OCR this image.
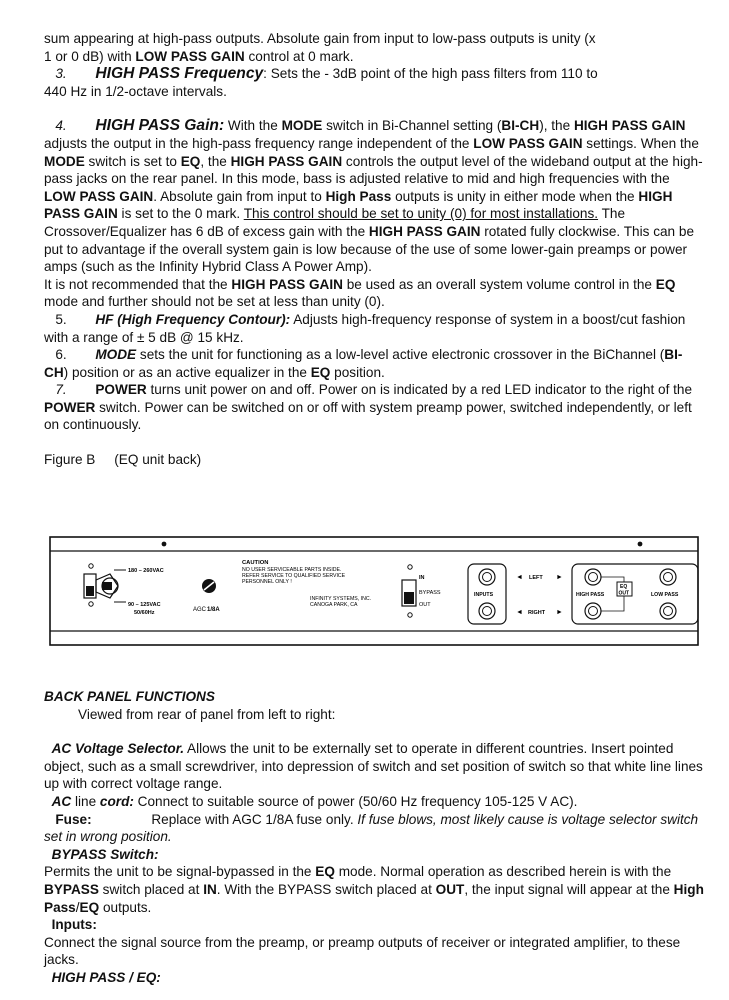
sum appearing at high-pass outputs. Absolute gain from input to low-pass outputs is unity (x
1 or 0 dB) with LOW PASS GAIN control at 0 mark.

3. HIGH PASS Frequency: Sets the - 3dB point of the high pass filters from 110 to
440 Hz in 1/2-octave intervals.

4. HIGH PASS Gain: With the MODE switch in Bi-Channel setting (BI-CH), the HIGH PASS GAIN adjusts the output in the high-pass frequency range independent of the LOW PASS GAIN settings. When the MODE switch is set to EQ, the HIGH PASS GAIN controls the output level of the wideband output at the high-pass jacks on the rear panel. In this mode, bass is adjusted relative to mid and high frequencies with the LOW PASS GAIN. Absolute gain from input to High Pass outputs is unity in either mode when the HIGH PASS GAIN is set to the 0 mark. This control should be set to unity (0) for most installations. The Crossover/Equalizer has 6 dB of excess gain with the HIGH PASS GAIN rotated fully clockwise. This can be put to advantage if the overall system gain is low because of the use of some lower-gain preamps or power amps (such as the Infinity Hybrid Class A Power Amp).

It is not recommended that the HIGH PASS GAIN be used as an overall system volume control in the EQ mode and further should not be set at less than unity (0).

5. HF (High Frequency Contour): Adjusts high-frequency response of system in a boost/cut fashion with a range of ± 5 dB @ 15 kHz.

6. MODE sets the unit for functioning as a low-level active electronic crossover in the BiChannel (BI-CH) position or as an active equalizer in the EQ position.

7. POWER turns unit power on and off. Power on is indicated by a red LED indicator to the right of the POWER switch. Power can be switched on or off with system preamp power, switched independently, or left on continuously.

Figure B (EQ unit back)

180 – 260VAC
90 – 125VAC
50/60Hz	AGC 1/8A
CAUTION
NO USER SERVICEABLE PARTS INSIDE.
REFER SERVICE TO QUALIFIED SERVICE
PERSONNEL ONLY !
INFINITY SYSTEMS, INC.
CANOGA PARK, CA
IN
BYPASS
OUT
INPUTS
◄ LEFT ►
◄ RIGHT ►
EQ
OUT
HIGH PASS	LOW PASS

BACK PANEL FUNCTIONS

Viewed from rear of panel from left to right:

AC Voltage Selector. Allows the unit to be externally set to operate in different countries. Insert pointed object, such as a small screwdriver, into depression of switch and set position of switch so that white line lines up with correct voltage range.

AC line cord: Connect to suitable source of power (50/60 Hz frequency 105-125 V AC).

Fuse:	Replace with AGC 1/8A fuse only. If fuse blows, most likely cause is voltage selector switch set in wrong position.

BYPASS Switch:

Permits the unit to be signal-bypassed in the EQ mode. Normal operation as described herein is with the BYPASS switch placed at IN. With the BYPASS switch placed at OUT, the input signal will appear at the High Pass/EQ outputs.

Inputs:

Connect the signal source from the preamp, or preamp outputs of receiver or integrated amplifier, to these jacks.

HIGH PASS / EQ:
